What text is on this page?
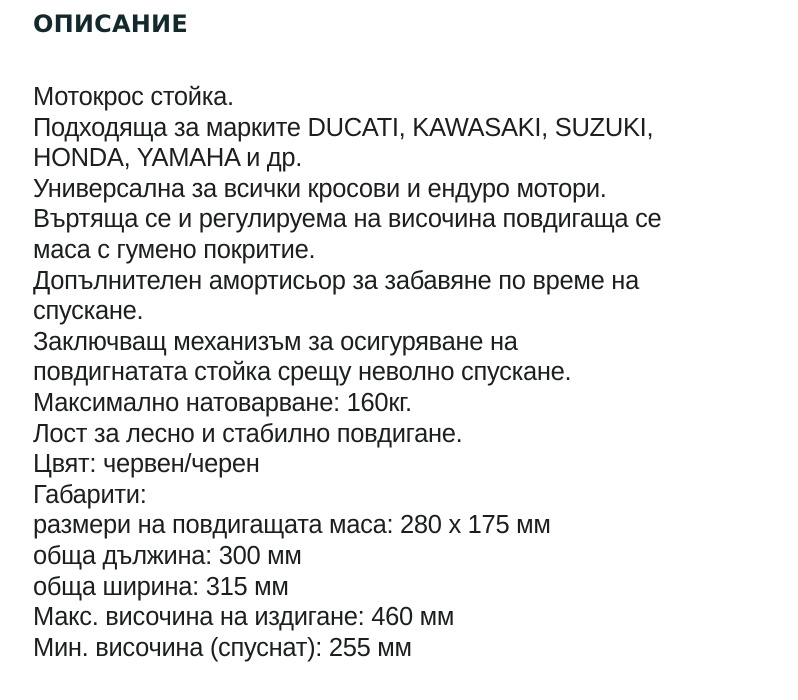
ОПИСАНИЕ
Мотокрос стойка.
Подходяща за марките DUCATI, KAWASAKI, SUZUKI,
HONDA, YAMAHA и др.
Универсална за всички кросови и ендуро мотори.
Въртяща се и регулируема на височина повдигаща се
маса с гумено покритие.
Допълнителен амортисьор за забавяне по време на
спускане.
Заключващ механизъм за осигуряване на
повдигнатата стойка срещу неволно спускане.
Максимално натоварване: 160кг.
Лост за лесно и стабилно повдигане.
Цвят: червен/черен
Габарити:
размери на повдигащата маса: 280 x 175 мм
обща дължина: 300 мм
обща ширина: 315 мм
Макс. височина на издигане: 460 мм
Мин. височина (спуснат): 255 мм
